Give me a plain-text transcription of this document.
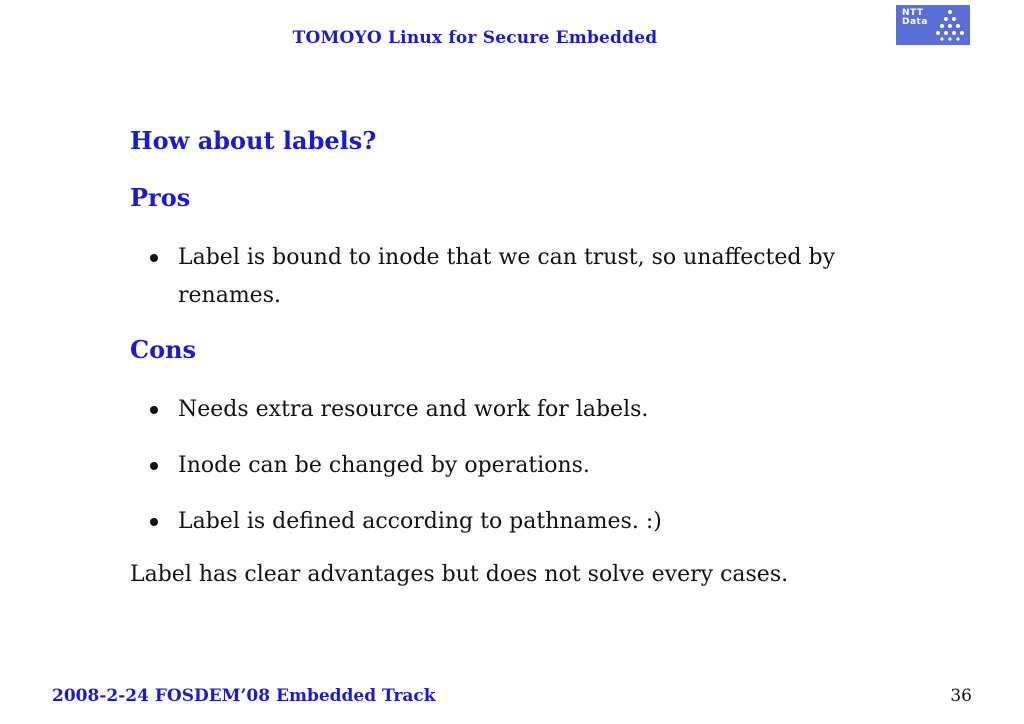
TOMOYO Linux for Secure Embedded
NTT
Data
How about labels?
Pros
Label is bound to inode that we can trust, so unaffected by renames.
Cons
Needs extra resource and work for labels.
Inode can be changed by operations.
Label is defined according to pathnames. :)
Label has clear advantages but does not solve every cases.
2008-2-24 FOSDEM’08 Embedded Track	36
